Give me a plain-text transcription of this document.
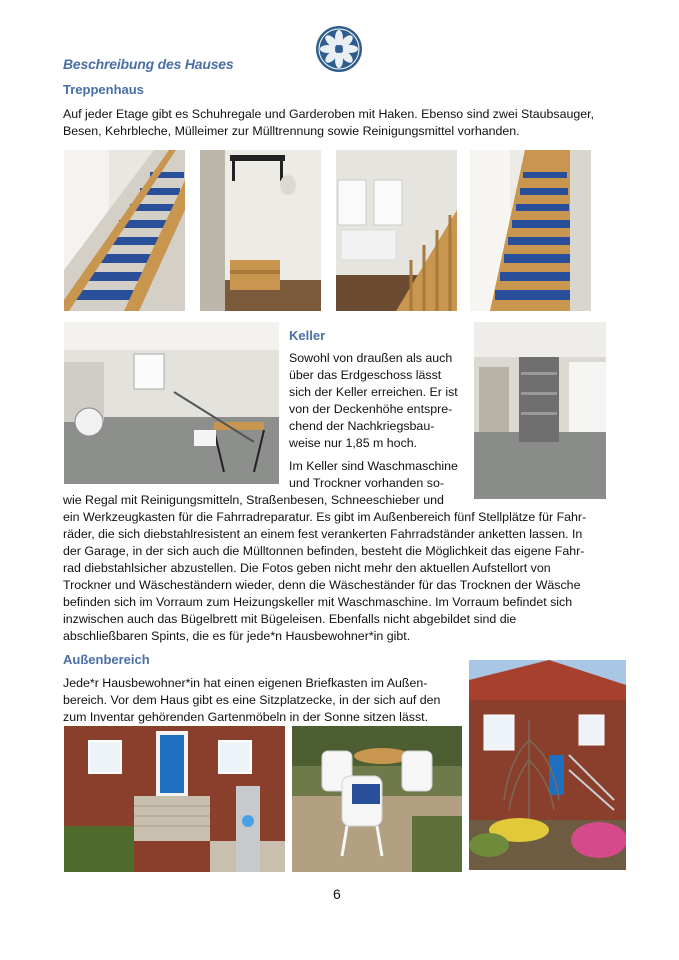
Beschreibung des Hauses
Treppenhaus
Auf jeder Etage gibt es Schuhregale und Garderoben mit Haken. Ebenso sind zwei Staubsauger,
Besen, Kehrbleche, Mülleimer zur Mülltrennung sowie Reinigungsmittel vorhanden.
Keller
Sowohl von draußen als auch
über das Erdgeschoss lässt
sich der Keller erreichen. Er ist
von der Deckenhöhe entspre-
chend der Nachkriegsbau-
weise nur 1,85 m hoch.
Im Keller sind Waschmaschine
und Trockner vorhanden so-
wie Regal mit Reinigungsmitteln, Straßenbesen, Schneeschieber und
ein Werkzeugkasten für die Fahrradreparatur. Es gibt im Außenbereich fünf Stellplätze für Fahr-
räder, die sich diebstahlresistent an einem fest verankerten Fahrradständer anketten lassen. In
der Garage, in der sich auch die Mülltonnen befinden, besteht die Möglichkeit das eigene Fahr-
rad diebstahlsicher abzustellen. Die Fotos geben nicht mehr den aktuellen Aufstellort von
Trockner und Wäscheständern wieder, denn die Wäscheständer für das Trocknen der Wäsche
befinden sich im Vorraum zum Heizungskeller mit Waschmaschine. Im Vorraum befindet sich
inzwischen auch das Bügelbrett mit Bügeleisen. Ebenfalls nicht abgebildet sind die
abschließbaren Spints, die es für jede*n Hausbewohner*in gibt.
Außenbereich
Jede*r Hausbewohner*in hat einen eigenen Briefkasten im Außen-
bereich. Vor dem Haus gibt es eine Sitzplatzecke, in der sich auf den
zum Inventar gehörenden Gartenmöbeln in der Sonne sitzen lässt.
6
